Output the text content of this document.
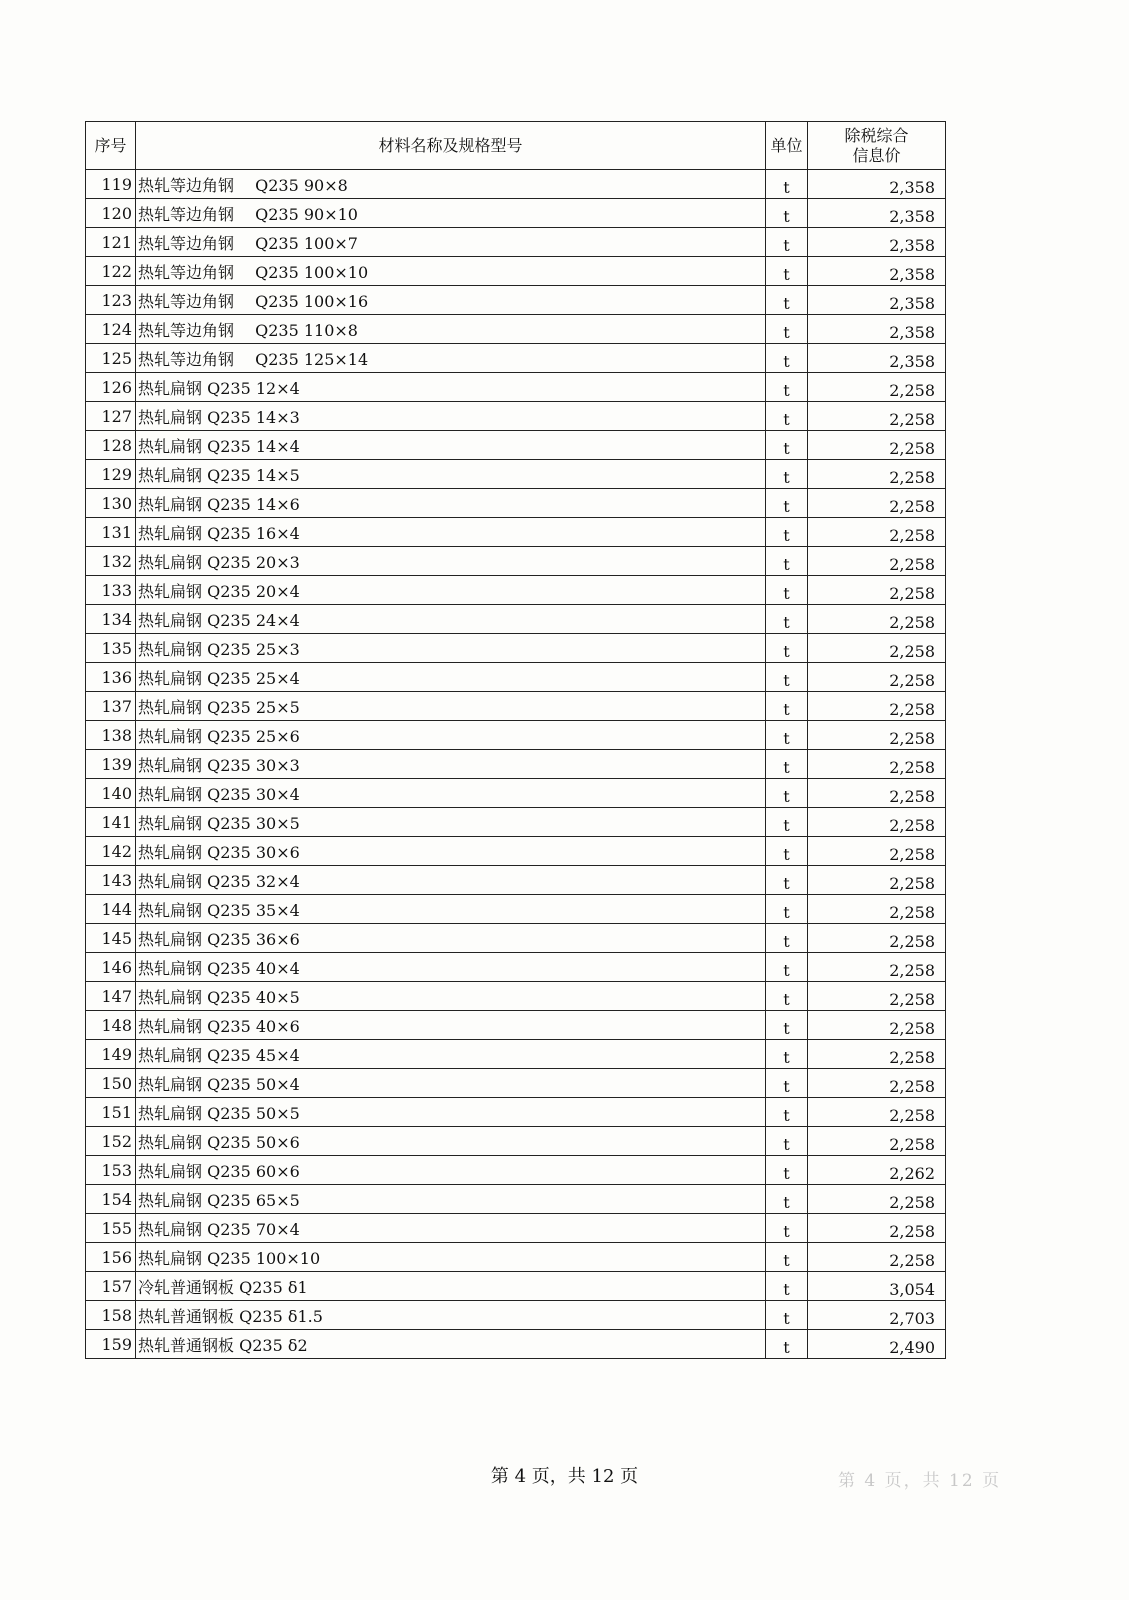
序号	材料名称及规格型号	单位	除税综合
信息价

119	热轧等边角钢　 Q235 90×8	t	2,358
120	热轧等边角钢　 Q235 90×10	t	2,358
121	热轧等边角钢　 Q235 100×7	t	2,358
122	热轧等边角钢　 Q235 100×10	t	2,358
123	热轧等边角钢　 Q235 100×16	t	2,358
124	热轧等边角钢　 Q235 110×8	t	2,358
125	热轧等边角钢　 Q235 125×14	t	2,358
126	热轧扁钢 Q235 12×4	t	2,258
127	热轧扁钢 Q235 14×3	t	2,258
128	热轧扁钢 Q235 14×4	t	2,258
129	热轧扁钢 Q235 14×5	t	2,258
130	热轧扁钢 Q235 14×6	t	2,258
131	热轧扁钢 Q235 16×4	t	2,258
132	热轧扁钢 Q235 20×3	t	2,258
133	热轧扁钢 Q235 20×4	t	2,258
134	热轧扁钢 Q235 24×4	t	2,258
135	热轧扁钢 Q235 25×3	t	2,258
136	热轧扁钢 Q235 25×4	t	2,258
137	热轧扁钢 Q235 25×5	t	2,258
138	热轧扁钢 Q235 25×6	t	2,258
139	热轧扁钢 Q235 30×3	t	2,258
140	热轧扁钢 Q235 30×4	t	2,258
141	热轧扁钢 Q235 30×5	t	2,258
142	热轧扁钢 Q235 30×6	t	2,258
143	热轧扁钢 Q235 32×4	t	2,258
144	热轧扁钢 Q235 35×4	t	2,258
145	热轧扁钢 Q235 36×6	t	2,258
146	热轧扁钢 Q235 40×4	t	2,258
147	热轧扁钢 Q235 40×5	t	2,258
148	热轧扁钢 Q235 40×6	t	2,258
149	热轧扁钢 Q235 45×4	t	2,258
150	热轧扁钢 Q235 50×4	t	2,258
151	热轧扁钢 Q235 50×5	t	2,258
152	热轧扁钢 Q235 50×6	t	2,258
153	热轧扁钢 Q235 60×6	t	2,262
154	热轧扁钢 Q235 65×5	t	2,258
155	热轧扁钢 Q235 70×4	t	2,258
156	热轧扁钢 Q235 100×10	t	2,258
157	冷轧普通钢板 Q235 δ1	t	3,054
158	热轧普通钢板 Q235 δ1.5	t	2,703
159	热轧普通钢板 Q235 δ2	t	2,490
第 4 页，共 12 页	第 4 页，共 12 页
